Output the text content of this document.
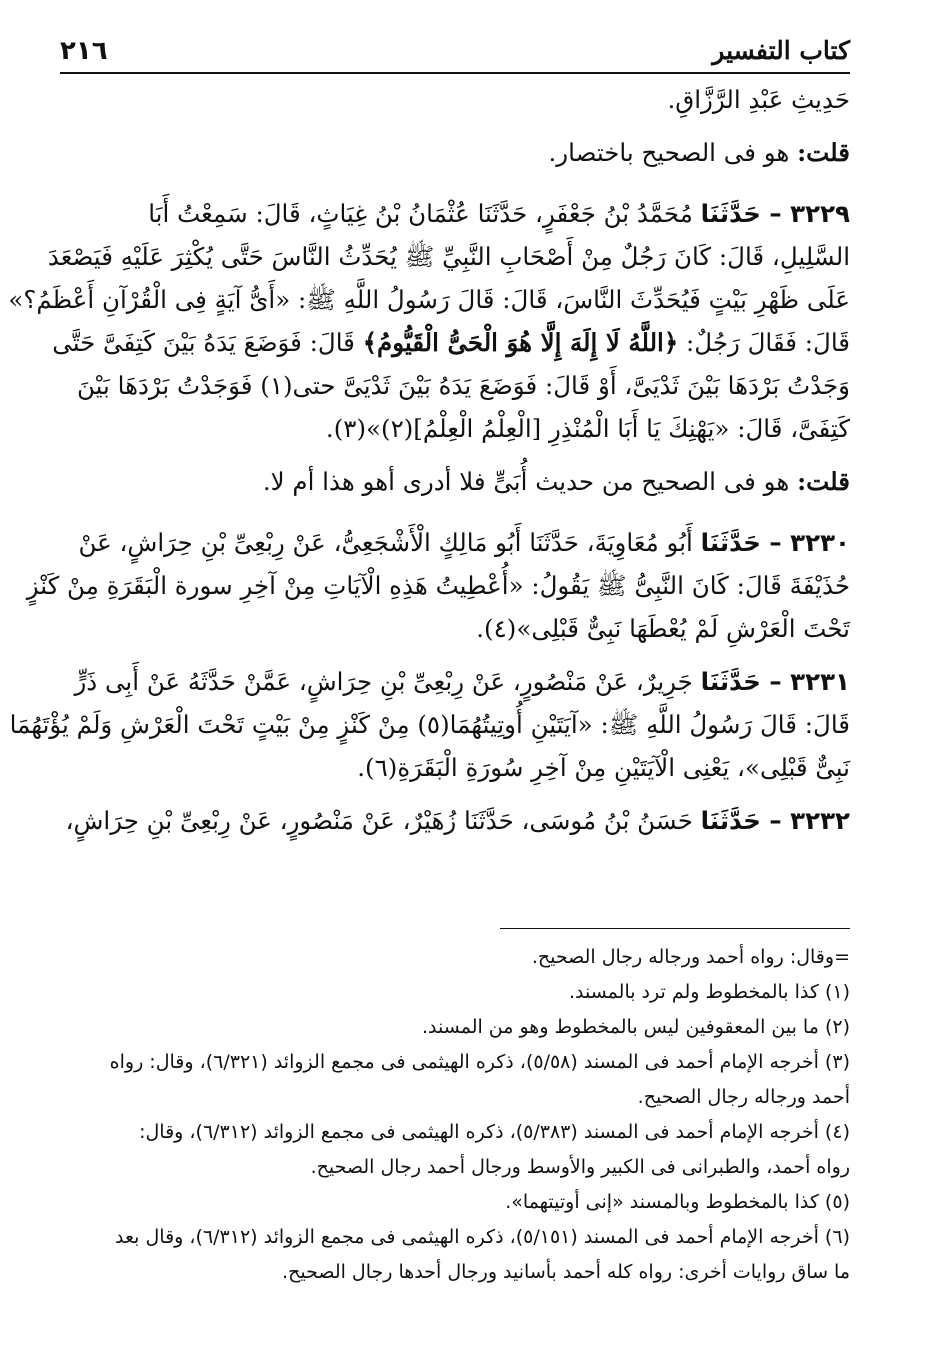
كتاب التفسير
٢١٦
حَدِيثِ عَبْدِ الرَّزَّاقِ.
قلت: هو فى الصحيح باختصار.
٣٢٢٩ – حَدَّثَنَا مُحَمَّدُ بْنُ جَعْفَرٍ، حَدَّثَنَا عُثْمَانُ بْنُ غِيَاثٍ، قَالَ: سَمِعْتُ أَبَا
السَّلِيلِ، قَالَ: كَانَ رَجُلٌ مِنْ أَصْحَابِ النَّبِيِّ ﷺ يُحَدِّثُ النَّاسَ حَتَّى يُكْثِرَ عَلَيْهِ فَيَصْعَدَ
عَلَى ظَهْرِ بَيْتٍ فَيُحَدِّثَ النَّاسَ، قَالَ: قَالَ رَسُولُ اللَّهِ ﷺ: «أَىُّ آيَةٍ فِى الْقُرْآنِ أَعْظَمُ؟»
قَالَ: فَقَالَ رَجُلٌ: ﴿اللَّهُ لَا إِلَهَ إِلَّا هُوَ الْحَىُّ الْقَيُّومُ﴾ قَالَ: فَوَضَعَ يَدَهُ بَيْنَ كَتِفَىَّ حَتَّى
وَجَدْتُ بَرْدَهَا بَيْنَ ثَدْيَىَّ، أَوْ قَالَ: فَوَضَعَ يَدَهُ بَيْنَ ثَدْيَىَّ حتى(١) فَوَجَدْتُ بَرْدَهَا بَيْنَ
كَتِفَىَّ، قَالَ: «يَهْنِكَ يَا أَبَا الْمُنْذِرِ [الْعِلْمُ الْعِلْمُ](٢)»(٣).
قلت: هو فى الصحيح من حديث أُبَىٍّ فلا أدرى أهو هذا أم لا.
٣٢٣٠ – حَدَّثَنَا أَبُو مُعَاوِيَةَ، حَدَّثَنَا أَبُو مَالِكٍ الْأَشْجَعِىُّ، عَنْ رِبْعِىِّ بْنِ حِرَاشٍ، عَنْ
حُذَيْفَةَ قَالَ: كَانَ النَّبِىُّ ﷺ يَقُولُ: «أُعْطِيتُ هَذِهِ الْآيَاتِ مِنْ آخِرِ سورة الْبَقَرَةِ مِنْ كَنْزٍ
تَحْتَ الْعَرْشِ لَمْ يُعْطَهَا نَبِىٌّ قَبْلِى»(٤).
٣٢٣١ – حَدَّثَنَا جَرِيرٌ، عَنْ مَنْصُورٍ، عَنْ رِبْعِىِّ بْنِ حِرَاشٍ، عَمَّنْ حَدَّثَهُ عَنْ أَبِى ذَرٍّ
قَالَ: قَالَ رَسُولُ اللَّهِ ﷺ: «آيَتَيْنِ أُوتِيتُهُمَا(٥) مِنْ كَنْزٍ مِنْ بَيْتٍ تَحْتَ الْعَرْشِ وَلَمْ يُؤْتَهُمَا
نَبِىٌّ قَبْلِى»، يَعْنِى الْآيَتَيْنِ مِنْ آخِرِ سُورَةِ الْبَقَرَةِ(٦).
٣٢٣٢ – حَدَّثَنَا حَسَنُ بْنُ مُوسَى، حَدَّثَنَا زُهَيْرٌ، عَنْ مَنْصُورٍ، عَنْ رِبْعِىِّ بْنِ حِرَاشٍ،
=وقال: رواه أحمد ورجاله رجال الصحيح.
(١) كذا بالمخطوط ولم ترد بالمسند.
(٢) ما بين المعقوفين ليس بالمخطوط وهو من المسند.
(٣) أخرجه الإمام أحمد فى المسند (٥/٥٨)، ذكره الهيثمى فى مجمع الزوائد (٦/٣٢١)، وقال: رواه
أحمد ورجاله رجال الصحيح.
(٤) أخرجه الإمام أحمد فى المسند (٥/٣٨٣)، ذكره الهيثمى فى مجمع الزوائد (٦/٣١٢)، وقال:
رواه أحمد، والطبرانى فى الكبير والأوسط ورجال أحمد رجال الصحيح.
(٥) كذا بالمخطوط وبالمسند «إنى أوتيتهما».
(٦) أخرجه الإمام أحمد فى المسند (٥/١٥١)، ذكره الهيثمى فى مجمع الزوائد (٦/٣١٢)، وقال بعد
ما ساق روايات أخرى: رواه كله أحمد بأسانيد ورجال أحدها رجال الصحيح.
